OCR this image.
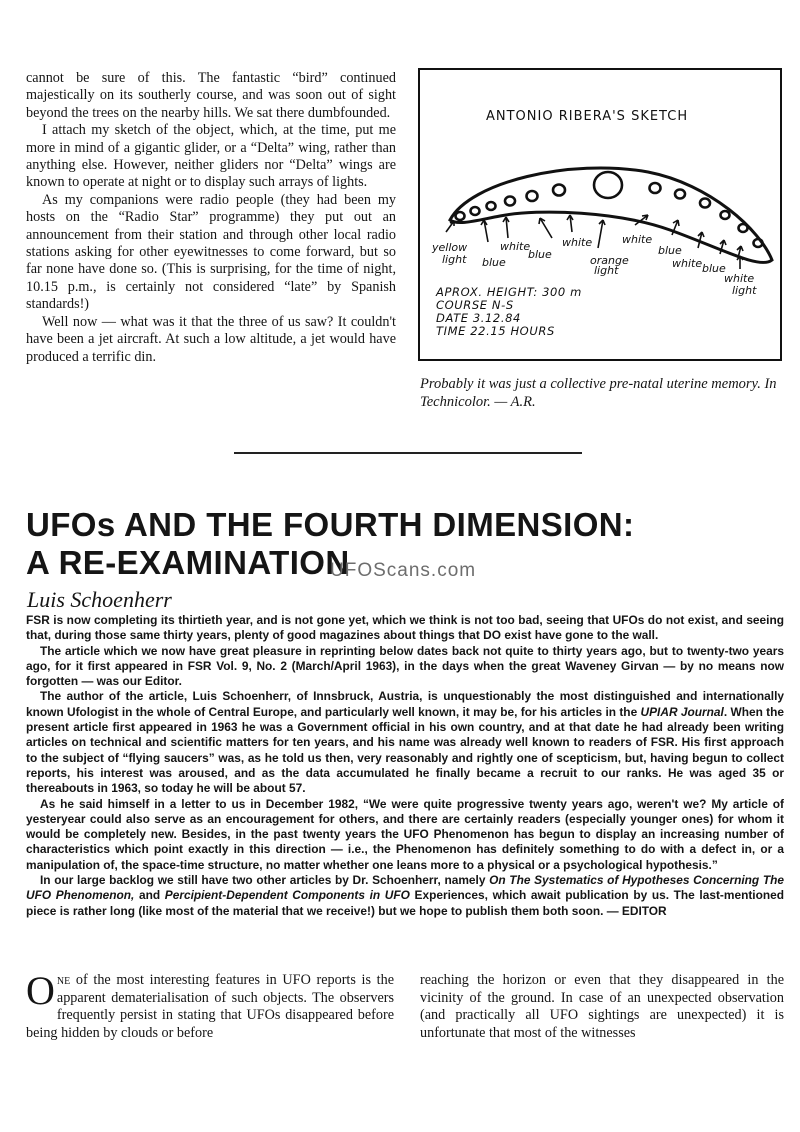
cannot be sure of this. The fantastic “bird” continued majestically on its southerly course, and was soon out of sight beyond the trees on the nearby hills. We sat there dumbfounded.

I attach my sketch of the object, which, at the time, put me more in mind of a gigantic glider, or a “Delta” wing, rather than anything else. However, neither gliders nor “Delta” wings are known to operate at night or to display such arrays of lights.

As my companions were radio people (they had been my hosts on the “Radio Star” programme) they put out an announcement from their station and through other local radio stations asking for other eyewitnesses to come forward, but so far none have done so. (This is surprising, for the time of night, 10.15 p.m., is certainly not considered “late” by Spanish standards!)

Well now — what was it that the three of us saw? It couldn't have been a jet aircraft. At such a low altitude, a jet would have produced a terrific din.

ANTONIO RIBERA'S SKETCH
yellow
light blue
white
blue
white
orange
light
white
blue
white blue
white
light
APROX. HEIGHT: 300 m
COURSE N-S
DATE 3.12.84
TIME 22.15 HOURS
Probably it was just a collective pre-natal uterine memory. In Technicolor. — A.R.
UFOs AND THE FOURTH DIMENSION:
A RE-EXAMINATION
UFOScans.com
Luis Schoenherr

FSR is now completing its thirtieth year, and is not gone yet, which we think is not too bad, seeing that UFOs do not exist, and seeing that, during those same thirty years, plenty of good magazines about things that DO exist have gone to the wall.

The article which we now have great pleasure in reprinting below dates back not quite to thirty years ago, but to twenty-two years ago, for it first appeared in FSR Vol. 9, No. 2 (March/April 1963), in the days when the great Waveney Girvan — by no means now forgotten — was our Editor.

The author of the article, Luis Schoenherr, of Innsbruck, Austria, is unquestionably the most distinguished and internationally known Ufologist in the whole of Central Europe, and particularly well known, it may be, for his articles in the UPIAR Journal. When the present article first appeared in 1963 he was a Government official in his own country, and at that date he had already been writing articles on technical and scientific matters for ten years, and his name was already well known to readers of FSR. His first approach to the subject of “flying saucers” was, as he told us then, very reasonably and rightly one of scepticism, but, having begun to collect reports, his interest was aroused, and as the data accumulated he finally became a recruit to our ranks. He was aged 35 or thereabouts in 1963, so today he will be about 57.

As he said himself in a letter to us in December 1982, “We were quite progressive twenty years ago, weren't we? My article of yesteryear could also serve as an encouragement for others, and there are certainly readers (especially younger ones) for whom it would be completely new. Besides, in the past twenty years the UFO Phenomenon has begun to display an increasing number of characteristics which point exactly in this direction — i.e., the Phenomenon has definitely something to do with a defect in, or a manipulation of, the space-time structure, no matter whether one leans more to a physical or a psychological hypothesis.”

In our large backlog we still have two other articles by Dr. Schoenherr, namely On The Systematics of Hypotheses Concerning The UFO Phenomenon, and Percipient-Dependent Components in UFO Experiences, which await publication by us. The last-mentioned piece is rather long (like most of the material that we receive!) but we hope to publish them both soon. — EDITOR

One of the most interesting features in UFO reports is the apparent dematerialisation of such objects. The observers frequently persist in stating that UFOs disappeared before being hidden by clouds or before
reaching the horizon or even that they disappeared in the vicinity of the ground. In case of an unexpected observation (and practically all UFO sightings are unexpected) it is unfortunate that most of the witnesses
